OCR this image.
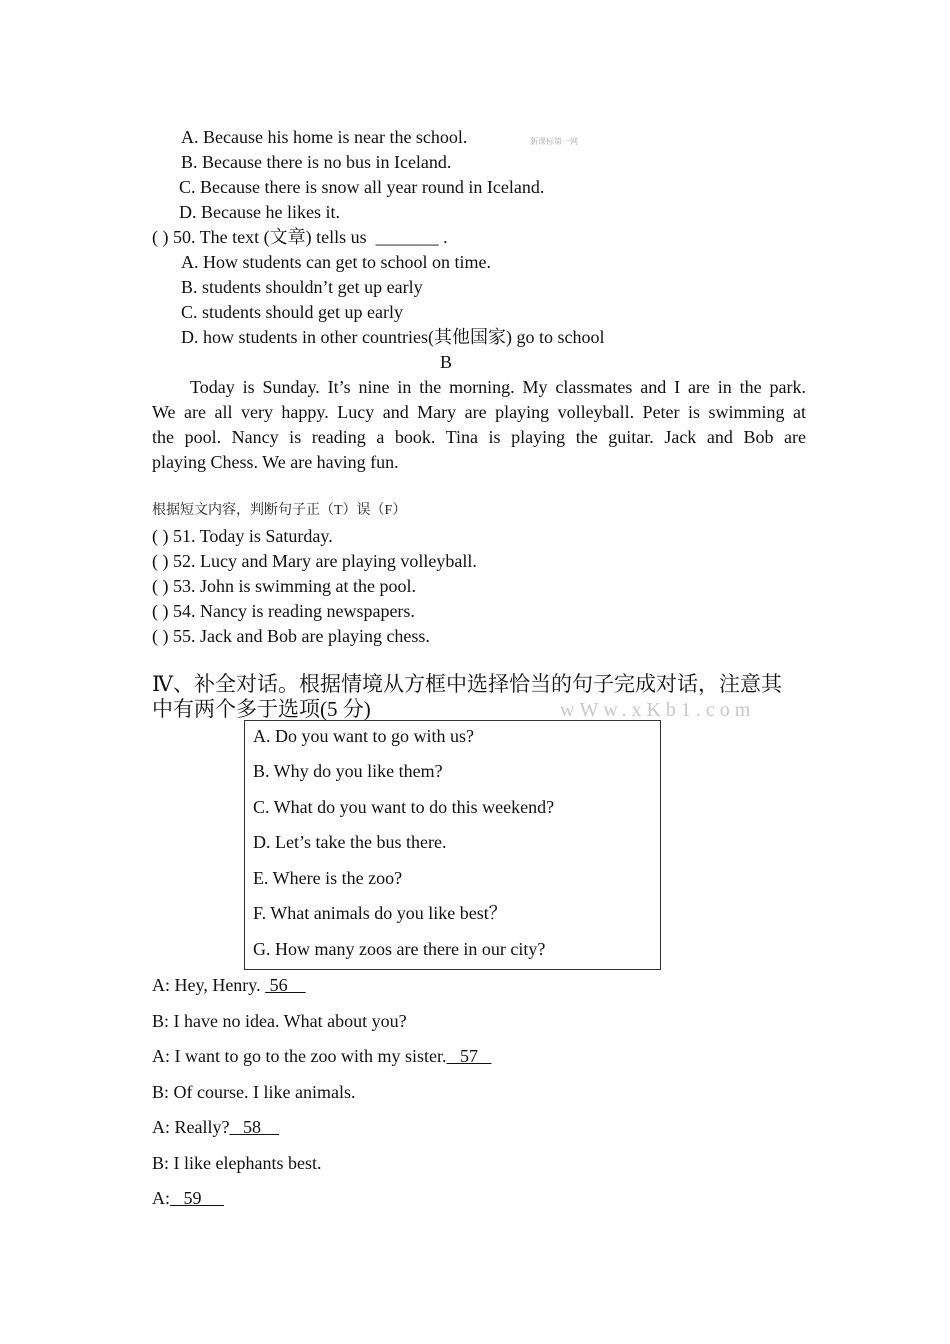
A. Because his home is near the school.	新课标第一网
B. Because there is no bus in Iceland.
C. Because there is snow all year round in Iceland.
D. Because he likes it.
( ) 50. The text (文章) tells us _______ .
A. How students can get to school on time.
B. students shouldn’t get up early
C. students should get up early
D. how students in other countries(其他国家) go to school
B
Today is Sunday. It’s nine in the morning. My classmates and I are in the park.
We are all very happy. Lucy and Mary are playing volleyball. Peter is swimming at
the pool. Nancy is reading a book. Tina is playing the guitar. Jack and Bob are
playing Chess. We are having fun.
根据短文内容，判断句子正（T）误（F）
( ) 51. Today is Saturday.
( ) 52. Lucy and Mary are playing volleyball.
( ) 53. John is swimming at the pool.
( ) 54. Nancy is reading newspapers.
( ) 55. Jack and Bob are playing chess.
Ⅳ、补全对话。根据情境从方框中选择恰当的句子完成对话，注意其
中有两个多于选项(5 分)	wWw.xKb1.com
A. Do you want to go with us?
B. Why do you like them?
C. What do you want to do this weekend?
D. Let’s take the bus there.
E. Where is the zoo?
F. What animals do you like best？
G. How many zoos are there in our city?
A: Hey, Henry.  56
B: I have no idea. What about you?
A: I want to go to the zoo with my sister.   57
B: Of course. I like animals.
A: Really?   58
B: I like elephants best.
A:   59
